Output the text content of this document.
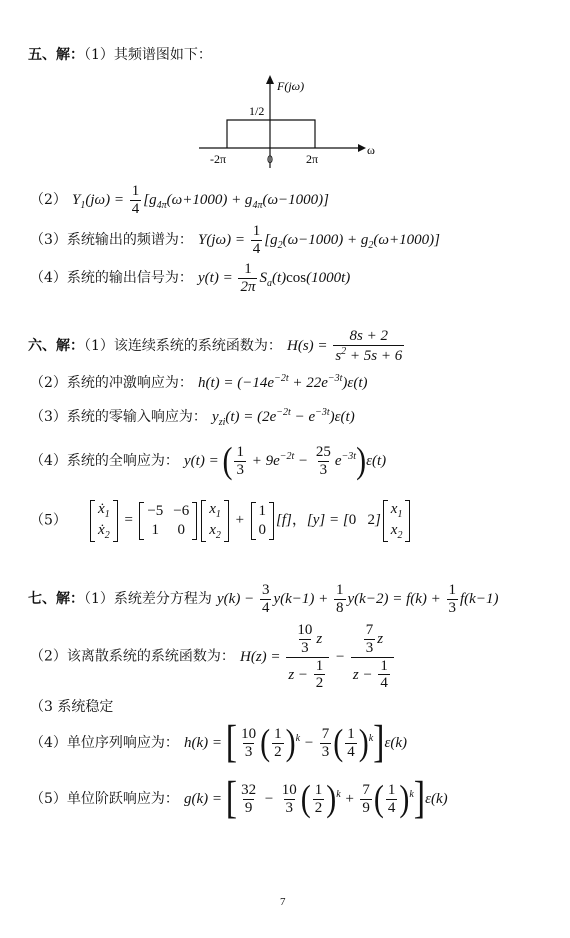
五、解：（1）其频谱图如下：
F(jω)
1/2
-2π	0	2π
ω
（2） $Y_1(j\omega) = \frac{1}{4} [g_{4\pi}(\omega+1000) + g_{4\pi}(\omega-1000)]$
（3）系统输出的频谱为： $Y(j\omega) = \frac{1}{4} [g_2(\omega-1000) + g_2(\omega+1000)]$
（4）系统的输出信号为： $y(t) = \frac{1}{2\pi} S_a(t)\cos(1000t)$
六、解：（1）该连续系统的系统函数为： $H(s) = \frac{8s + 2}{s^2 + 5s + 6}$
（2）系统的冲激响应为： $h(t) = (-14e^{-2t} + 22e^{-3t})\varepsilon(t)$
（3）系统的零输入响应为： $y_{zi}(t) = (2e^{-2t} - e^{-3t})\varepsilon(t)$
（4）系统的全响应为： y(t) = ( $\frac{1}{3} + 9e^{-2t} - \frac{25}{3} e^{-3t})\varepsilon(t)$
（5）
ẋ$_1$
ẋ$_2$
=
−5 −6
1 0
$x_1$
$x_2$
+
1
0
[f]，[y] = [0   2]
$x_1$
$x_2$
七、解：（1）系统差分方程为 $y(k) - \frac{3}{4} y(k-1) + \frac{1}{8} y(k-2) = f(k) + \frac{1}{3} f(k-1)$
（2）该离散系统的系统函数为： $H(z) = \frac{\frac{10}{3} z}{z - \frac{1}{2}} - \frac{\frac{7}{3} z}{z - \frac{1}{4}}$
（3 系统稳定
（4）单位序列响应为： h(k) = [ $\frac{10}{3}$ ( $\frac{1}{2} )^k - \frac{7}{3}$ ( $\frac{1}{4} )^k]\varepsilon(k)$
（5）单位阶跃响应为： g(k) = [ $\frac{32}{9} - \frac{10}{3}$ ( $\frac{1}{2} )^k + \frac{7}{9}$ ( $\frac{1}{4} )^k]\varepsilon(k)$
7
